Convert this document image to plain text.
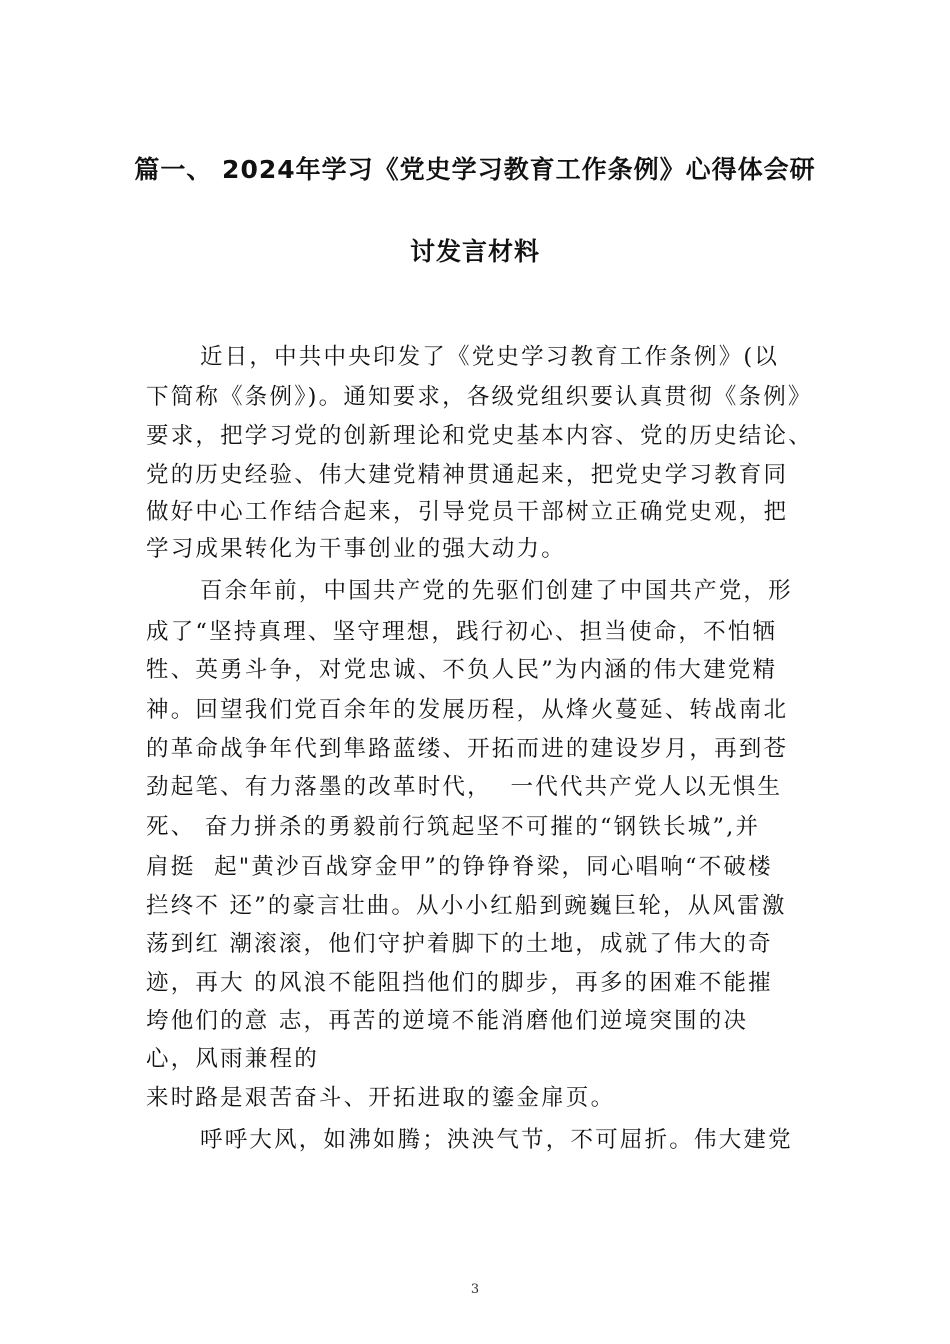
篇一、 2024年学习《党史学习教育工作条例》心得体会研
讨发言材料
近日，中共中央印发了《党史学习教育工作条例》(以
下简称《条例》)。通知要求，各级党组织要认真贯彻《条例》
要求，把学习党的创新理论和党史基本内容、党的历史结论、
党的历史经验、伟大建党精神贯通起来，把党史学习教育同
做好中心工作结合起来，引导党员干部树立正确党史观，把
学习成果转化为干事创业的强大动力。
百余年前，中国共产党的先驱们创建了中国共产党，形
成了“坚持真理、坚守理想，践行初心、担当使命，不怕牺
牲、英勇斗争，对党忠诚、不负人民”为内涵的伟大建党精
神。回望我们党百余年的发展历程，从烽火蔓延、转战南北
的革命战争年代到隼路蓝缕、开拓而进的建设岁月，再到苍
劲起笔、有力落墨的改革时代，  一代代共产党人以无惧生
死、 奋力拼杀的勇毅前行筑起坚不可摧的“钢铁长城”,并
肩挺  起"黄沙百战穿金甲”的铮铮脊梁，同心唱响“不破楼
拦终不 还”的豪言壮曲。从小小红船到豌巍巨轮，从风雷激
荡到红 潮滚滚，他们守护着脚下的土地，成就了伟大的奇
迹，再大 的风浪不能阻挡他们的脚步，再多的困难不能摧
垮他们的意 志，再苦的逆境不能消磨他们逆境突围的决
心，风雨兼程的
来时路是艰苦奋斗、开拓进取的鎏金扉页。
呼呼大风，如沸如腾；泱泱气节，不可屈折。伟大建党
3
